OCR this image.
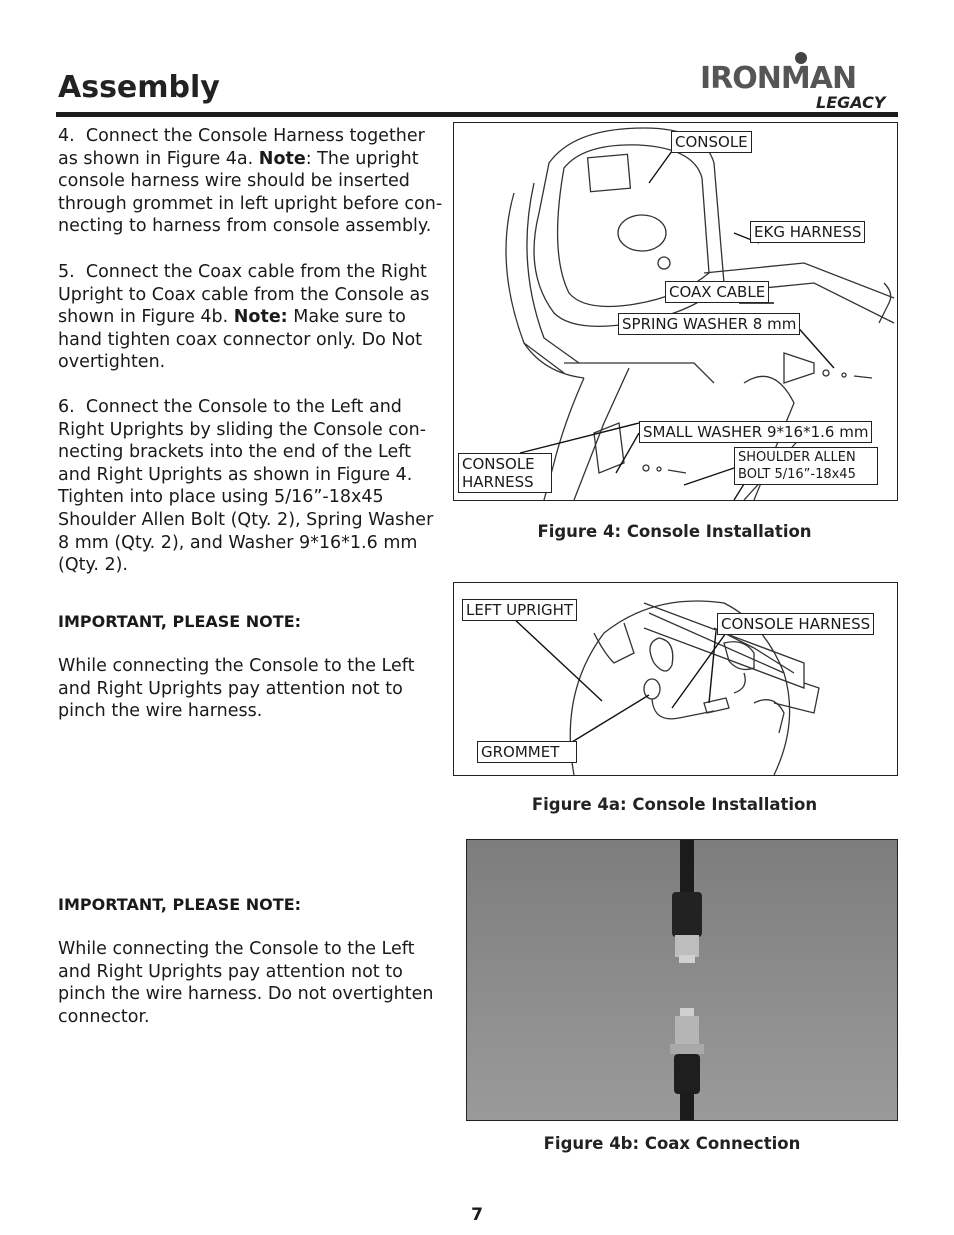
Assembly	IRONMAN
LEGACY
4. Connect the Console Harness together as shown in Figure 4a. Note: The upright console harness wire should be inserted through grommet in left upright before con-necting to harness from console assembly.
5. Connect the Coax cable from the Right Upright to Coax cable from the Console as shown in Figure 4b. Note: Make sure to hand tighten coax connector only. Do Not overtighten.
6. Connect the Console to the Left and Right Uprights by sliding the Console con-necting brackets into the end of the Left and Right Uprights as shown in Figure 4. Tighten into place using 5/16”-18x45 Shoulder Allen Bolt (Qty. 2), Spring Washer 8 mm (Qty. 2), and Washer 9*16*1.6 mm (Qty. 2).
IMPORTANT, PLEASE NOTE:
While connecting the Console to the Left and Right Uprights pay attention not to pinch the wire harness.
IMPORTANT, PLEASE NOTE:
While connecting the Console to the Left and Right Uprights pay attention not to pinch the wire harness. Do not overtighten connector.
CONSOLE
EKG HARNESS
COAX CABLE
SPRING WASHER 8 mm
SMALL WASHER 9*16*1.6 mm
CONSOLE HARNESS
SHOULDER ALLEN BOLT 5/16”-18x45
Figure 4: Console Installation
LEFT UPRIGHT
CONSOLE HARNESS
GROMMET
Figure 4a: Console Installation
Figure 4b: Coax Connection
7
